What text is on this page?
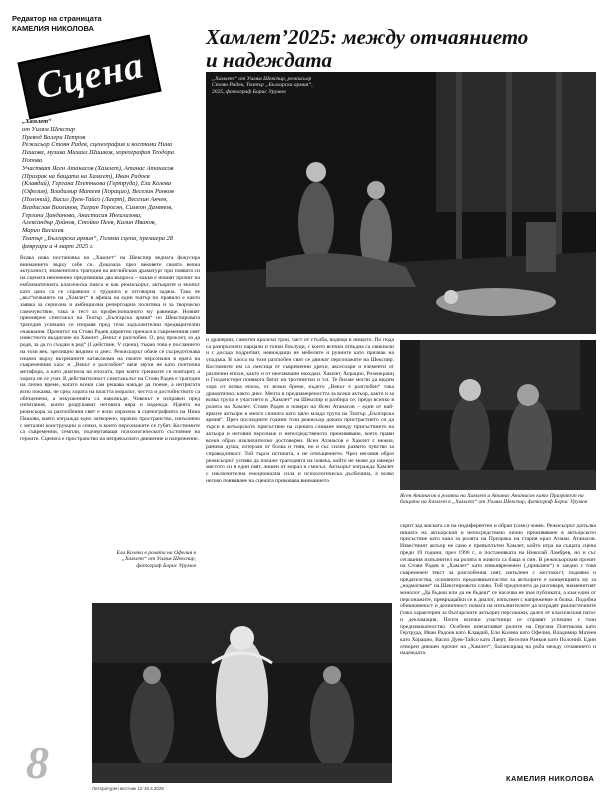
Редактор на страницата
КАМЕЛИЯ НИКОЛОВА
Сцена
Хамлет’2025: между отчаянието
и надеждата
„Хамлет“
от Уилям Шекспир
Превод Валери Петров
Режисьор Стоян Радев, сценография и костюми Нина Пашова, музика Михаил Шишков, хореография Теодора Попова
Участват Ясен Атанасов (Хамлет), Атанас Атанасов (Призрак на бащата на Хамлет), Иван Радоев (Клавдий), Гергана Плетньова (Гертруда), Ели Колева (Офелия), Владимир Матеев (Хорацио), Веселин Ранков (Полоний), Васил Дуев-Тайсо (Лаерт), Веселин Анчев, Владислав Виолинов, Тигран Торосян, Симеон Дамянов, Гергана Данданова, Анастасия Ингилизова, Александър Дойнов, Стойко Пеев, Калин Иванов, Марио Василев.
Театър „Българска армия“, Голяма сцена, премиера 28 февруари и 4 март 2025 г.
„Хамлет“ от Уилям Шекспир, режисьор Стоян Радев, Театър „Българска армия“, 2025, фотограф Борис Урумов
Всяка нова постановка на „Хамлет“ на Шекспир веднага фокусира вниманието върху себе си. Доказала през вековете своята вечна актуалност, знаменитата трагедия на английския драматург при появата си на сцената неизменно предизвиква два въпроса – какъв е новият прочит на емблематичната класическа пиеса и как режисьорът, актьорите и екипът като цяло са се справили с трудната и отговорна задача. Така че „вкл“ючването на „Хамлет“ в афиша на един театър по правило е както заявка за сериозна и амбициозна репертоарна политика и за творческо самочувствие, така и тест за професионалното му равнище. Новият премиерен спектакъл на Театър „Българска армия“ по Шекспировата трагедия успешно се изправя пред тези задължителни предварителни очаквания. Прочитът на Стоян Радев директно пренася в съвременния свят известното въздигане на Хамлет „Векът е разглобен. О, ред проклет, аз да родя, за да го създам в ред“ (I действие, V сцена), тъкмо това е посланието на този век, зрелищно видимо и днес. Режисьорът обаче се съсредоточава изцяло върху вътрешните катаклизми на своите персонажи в ерата на съвременния хаос и „Векът е разглобен“ вече звучи не като поетична метафора, а като диагноза на епохата, при която грешките се повтарят, а хората не се учат. В действителност спектакълът на Стоян Радев е трагедия на лично време, когато всеки сам решава накъде да поеме, а интригата ясно показва, че сред хората на властта моралът, честта и достойнството са обезценени, а изкушенията са навсякъде. Човекът е изправен пред изпитания, които разрушават неговата вяра и надежда. Идеята на режисьора за разглобения свят е ясно изразена в сценографията на Нина Пашова, която изгражда едно затворено, мрачно пространство, изпълнено с метални конструкции и сенки, в които персонажите се губят. Костюмите са съвременни, семпли, подчертаващи психологическото състояние на героите. Сцената е пространство на непрекъснато движение и напрежение.
и драперии, самотен кралски трон, част от стълба, водеща в нищото. По пода са разпръснати парцали и тонки боклуци, с които всички отвъдна са свикнали и с досада подритват, невиждащи не мебелите и руините като признак на упадъка. В хаоса на този разглобен свят се движат персонажите на Шекспир. Костюмите им са смесица от съвременни дрехи, аксесоари и елементи от различни епохи, както и от неочаквани находки. Хамлет, Хорацио, Розенкранц и Гилденстерн понякога бягат на тротинетки и т.н. Те бихме могли да видим хора от всяка епоха, от всеки бреме, където „Векът е разглобен“ така драматично, както днес. Мечта и преднамереността за всеки актьор, както и за всяка трупа е участието в „Хамлет“ на Шекспир и разбира се, преди всичко в ролята на Хамлет. Стоян Радев я повери на Ясен Атанасов – един от най-ярките актьори в много силната като цяло млада трупа на Театър „Българска армия“. През последните години този режисьор доказа пристрастието си да търси в актьорското присъствие на сцената сливане между присъствието на актьора и неговия персонаж и непосредственото преживяване, което прави всеки образ изключително достоверен. Ясен Атанасов е Хамлет с нежна, ранима душа, изтерзан от болка и гняв, но и със силно развито чувство за справедливост. Той търси истината, а не отмъщението. Чрез неговия образ режисьорът успява да покаже трагедията на човека, който не може да намери мястото си в един свят, лишен от морал и смисъл. Актьорът изгражда Хамлет с изключителна емоционална сила и психологическа дълбочина, а всяко негово появяване на сцената приковава вниманието.
Ясен Атанасов в ролята на Хамлет и Атанас Атанасов като Призракът на бащата на Хамлет в „Хамлет“ от Уилям Шекспир, фотограф Борис Урумов
скрит зад маската си на индиферентен и обран (само) човек. Режисьорът допълва нишата на актьорския и непосредствено лично преживяване в актьорското присъствие като канa за ролята на Призрака на стария крал Атанас Атанасов. Известният актьор не само е превъплътен Хамлет, който игра на същата сцена преди 19 години, през 1996 г., в постановката на Николай Ламбрев, но и със сегашния изпълнител на ролята в живота са баща и син. В режисьорския прочит на Стоян Радев в „Хамлет“ като извънвременен („приказен“) и заедно с това съвременен текст за разглобения свят, изпълнен с жестокост, подмяна и предателства, основното предизвикателство за актьорите е концепцията му за „надмогване“ на Шекспировото слово. Той предпочита да разговаря, знаменитият монолог „Да бъдеш или да не бъдеш“ се насочва не към публиката, а към един от персонажите, превръщайки се в диалог, изпълнен с напрежение и болка. Подобна обикновеност и делничност помага на изпълнителите да изградят реалистичните (така характерни за българските актьори) персонажи, далеч от класическия патос и декламация. Почти всички участници се справят успешно с тази предизвикателство. Особено впечатляват ролите на Гергана Плетньова като Гертруда, Иван Радоев като Клавдий, Ели Колева като Офелия, Владимир Матеев като Хорацио, Васил Дуев-Тайсо като Лаерт, Веселин Ранков като Полоний. Един отворен днешен прочит на „Хамлет“, балансиращ на ръба между отчаянието и надеждата.
Ели Колева в ролята на Офелия в „Хамлет“ от Уилям Шекспир, фотограф Борис Урумов
8
Литературен вестник 12-18.3.2025
КАМЕЛИЯ НИКОЛОВА
